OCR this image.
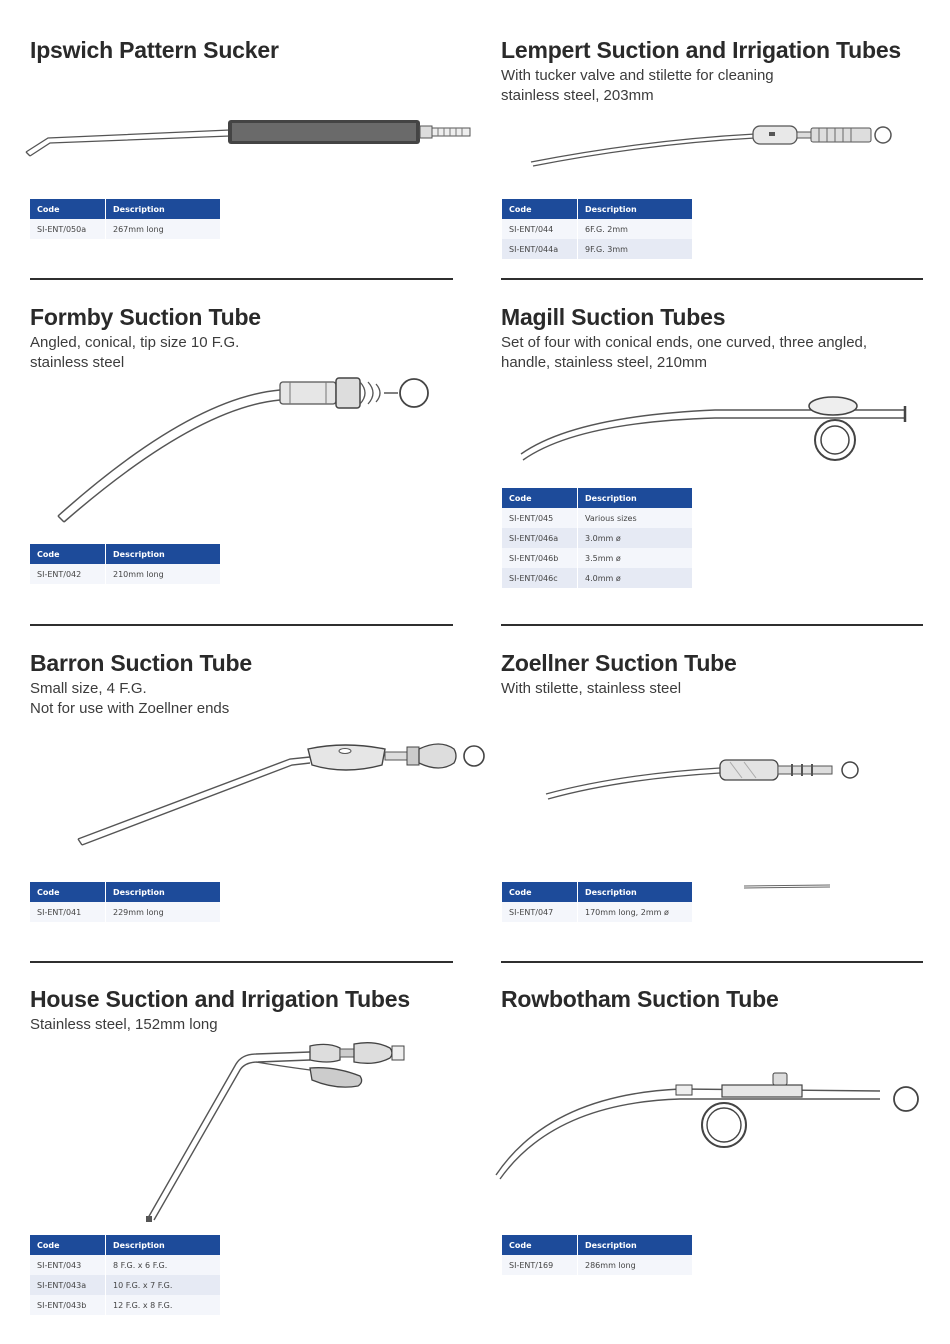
Ipswich Pattern Sucker
Code	Description
SI-ENT/050a	267mm long
Lempert Suction and Irrigation Tubes
With tucker valve and stilette for cleaning
stainless steel, 203mm
Code	Description
SI-ENT/044	6F.G. 2mm
SI-ENT/044a	9F.G. 3mm
Formby Suction Tube
Angled, conical, tip size 10 F.G.
stainless steel
Code	Description
SI-ENT/042	210mm long
Magill Suction Tubes
Set of four with conical ends, one curved, three angled,
handle, stainless steel, 210mm
Code	Description
SI-ENT/045	Various sizes
SI-ENT/046a	3.0mm ø
SI-ENT/046b	3.5mm ø
SI-ENT/046c	4.0mm ø
Barron Suction Tube
Small size, 4 F.G.
Not for use with Zoellner ends
Code	Description
SI-ENT/041	229mm long
Zoellner Suction Tube
With stilette, stainless steel
Code	Description
SI-ENT/047	170mm long, 2mm ø
House Suction and Irrigation Tubes
Stainless steel, 152mm long
Code	Description
SI-ENT/043	8 F.G. x 6 F.G.
SI-ENT/043a	10 F.G. x 7 F.G.
SI-ENT/043b	12 F.G. x 8 F.G.
Rowbotham Suction Tube
Code	Description
SI-ENT/169	286mm long
